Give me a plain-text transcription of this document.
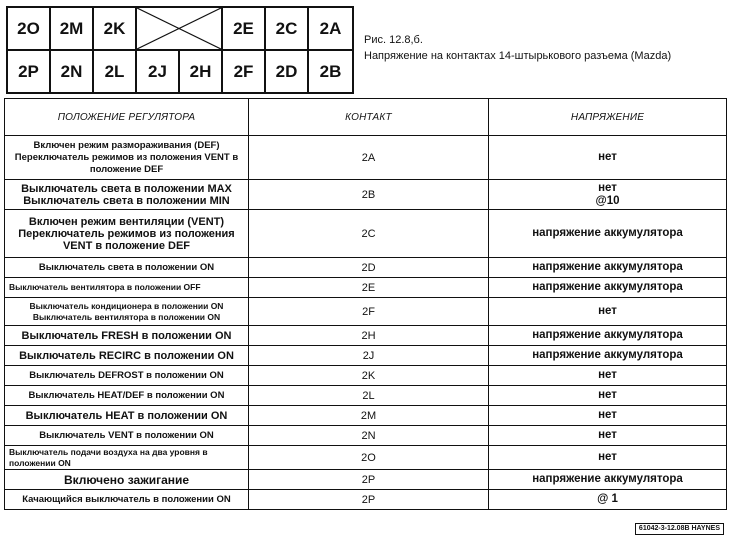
2O	2M	2K			2E	2C	2A
2P	2N	2L	2J	2H	2F	2D	2B
Рис. 12.8,б.
Напряжение на контактах 14-штырькового разъема (Mazda)
ПОЛОЖЕНИЕ РЕГУЛЯТОРА	КОНТАКТ	НАПРЯЖЕНИЕ
Включен режим размораживания (DEF) Переключатель режимов из положения VENT в положение DEF	2A	нет
Выключатель света в положении MAX Выключатель света в положении MIN	2B	нет
@10
Включен режим вентиляции (VENT) Переключатель режимов из положения VENT в положение DEF	2C	напряжение аккумулятора
Выключатель света в положении ON	2D	напряжение аккумулятора
Выключатель вентилятора в положении OFF	2E	напряжение аккумулятора
Выключатель кондиционера в положении ON Выключатель вентилятора в положении ON	2F	нет
Выключатель FRESH в положении ON	2H	напряжение аккумулятора
Выключатель RECIRC в положении ON	2J	напряжение аккумулятора
Выключатель DEFROST в положении ON	2K	нет
Выключатель HEAT/DEF в положении ON	2L	нет
Выключатель HEAT в положении ON	2M	нет
Выключатель VENT в положении ON	2N	нет
Выключатель подачи воздуха на два уровня в положении ON	2O	нет
Включено зажигание	2P	напряжение аккумулятора
Качающийся выключатель в положении ON	2P	@ 1
61042-3-12.08B HAYNES
